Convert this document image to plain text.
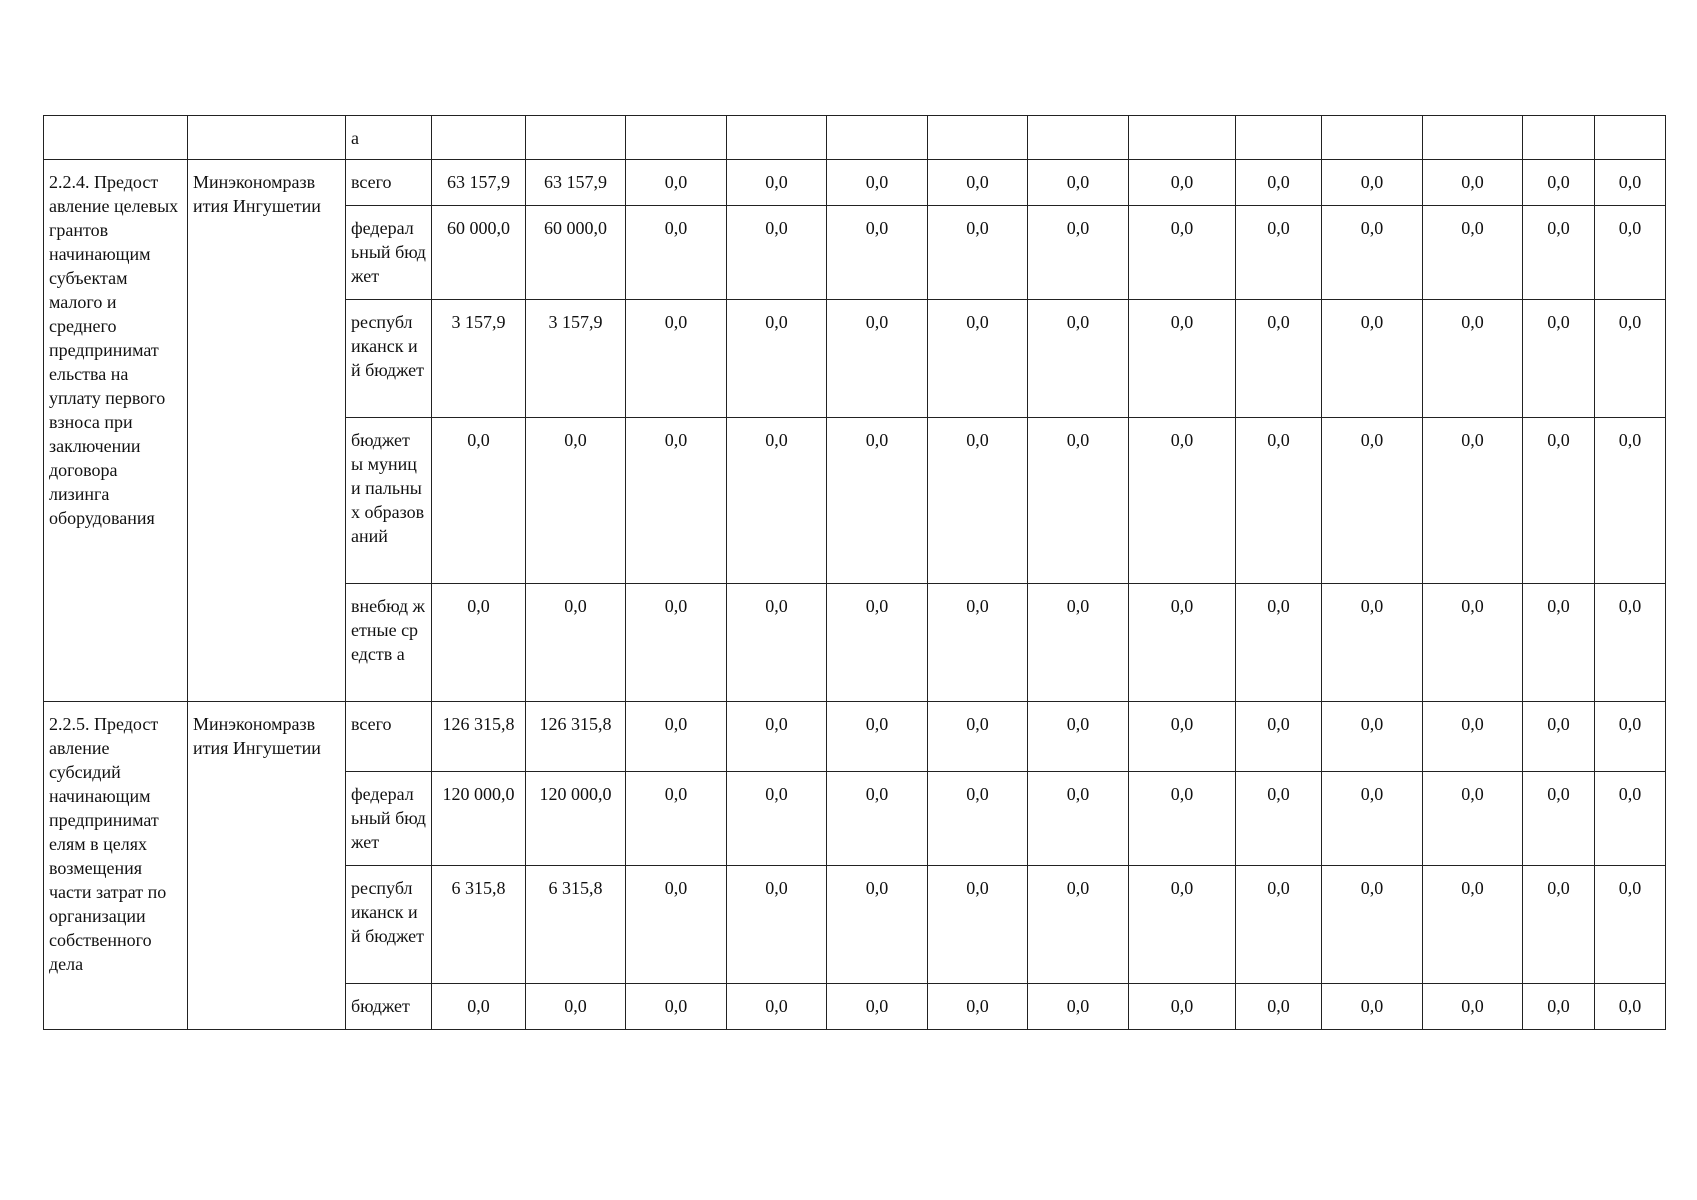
		а													
2.2.4. Предост авление целевых грантов начинающим субъектам малого и среднего предпринимат ельства на уплату первого взноса при заключении договора лизинга оборудования	Минэкономразв ития Ингушетии	всего	63 157,9	63 157,9	0,0	0,0	0,0	0,0	0,0	0,0	0,0	0,0	0,0	0,0	0,0
		федерал ьный бюджет	60 000,0	60 000,0	0,0	0,0	0,0	0,0	0,0	0,0	0,0	0,0	0,0	0,0	0,0
		республ иканск ий бюджет	3 157,9	3 157,9	0,0	0,0	0,0	0,0	0,0	0,0	0,0	0,0	0,0	0,0	0,0
		бюджет ы муници пальных образов аний	0,0	0,0	0,0	0,0	0,0	0,0	0,0	0,0	0,0	0,0	0,0	0,0	0,0
		внебюд жетные средств а	0,0	0,0	0,0	0,0	0,0	0,0	0,0	0,0	0,0	0,0	0,0	0,0	0,0
2.2.5. Предост авление субсидий начинающим предпринимат елям в целях возмещения части затрат по организации собственного дела	Минэкономразв ития Ингушетии	всего	126 315,8	126 315,8	0,0	0,0	0,0	0,0	0,0	0,0	0,0	0,0	0,0	0,0	0,0
		федерал ьный бюджет	120 000,0	120 000,0	0,0	0,0	0,0	0,0	0,0	0,0	0,0	0,0	0,0	0,0	0,0
		республ иканск ий бюджет	6 315,8	6 315,8	0,0	0,0	0,0	0,0	0,0	0,0	0,0	0,0	0,0	0,0	0,0
		бюджет	0,0	0,0	0,0	0,0	0,0	0,0	0,0	0,0	0,0	0,0	0,0	0,0	0,0
